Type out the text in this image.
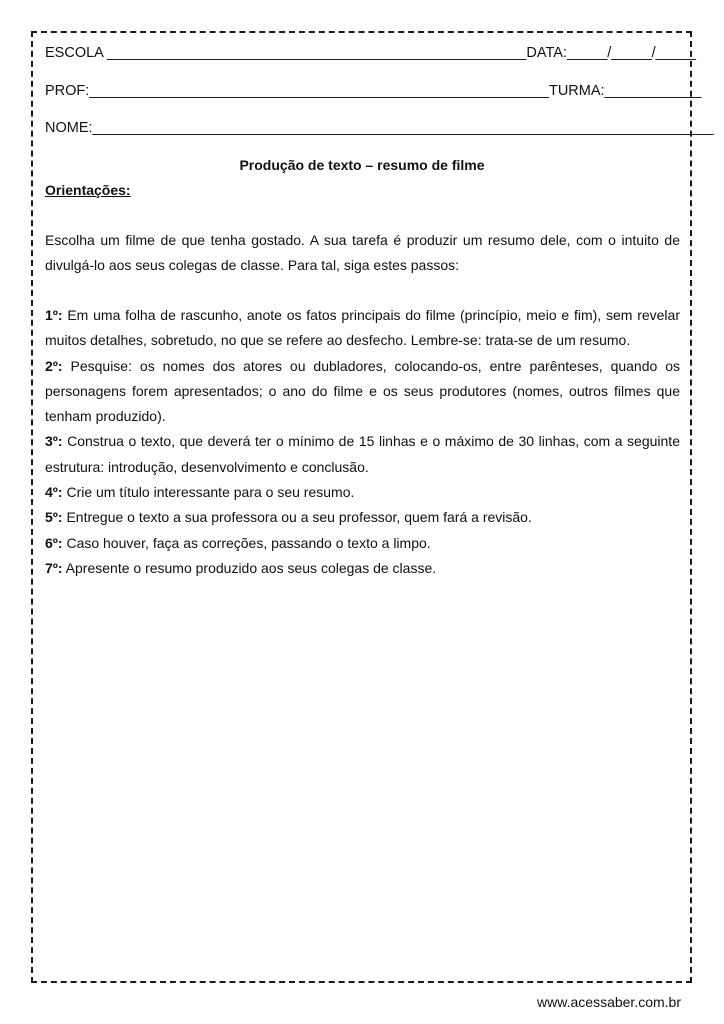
ESCOLA ____________________________________________________DATA:_____/_____/_____
PROF:_________________________________________________________TURMA:____________
NOME:_____________________________________________________________________________
Produção de texto – resumo de filme
Orientações:
Escolha um filme de que tenha gostado. A sua tarefa é produzir um resumo dele, com o intuito de divulgá-lo aos seus colegas de classe. Para tal, siga estes passos:
1º: Em uma folha de rascunho, anote os fatos principais do filme (princípio, meio e fim), sem revelar muitos detalhes, sobretudo, no que se refere ao desfecho. Lembre-se: trata-se de um resumo.
2º: Pesquise: os nomes dos atores ou dubladores, colocando-os, entre parênteses, quando os personagens forem apresentados; o ano do filme e os seus produtores (nomes, outros filmes que tenham produzido).
3º: Construa o texto, que deverá ter o mínimo de 15 linhas e o máximo de 30 linhas, com a seguinte estrutura: introdução, desenvolvimento e conclusão.
4º: Crie um título interessante para o seu resumo.
5º: Entregue o texto a sua professora ou a seu professor, quem fará a revisão.
6º: Caso houver, faça as correções, passando o texto a limpo.
7º: Apresente o resumo produzido aos seus colegas de classe.
www.acessaber.com.br
